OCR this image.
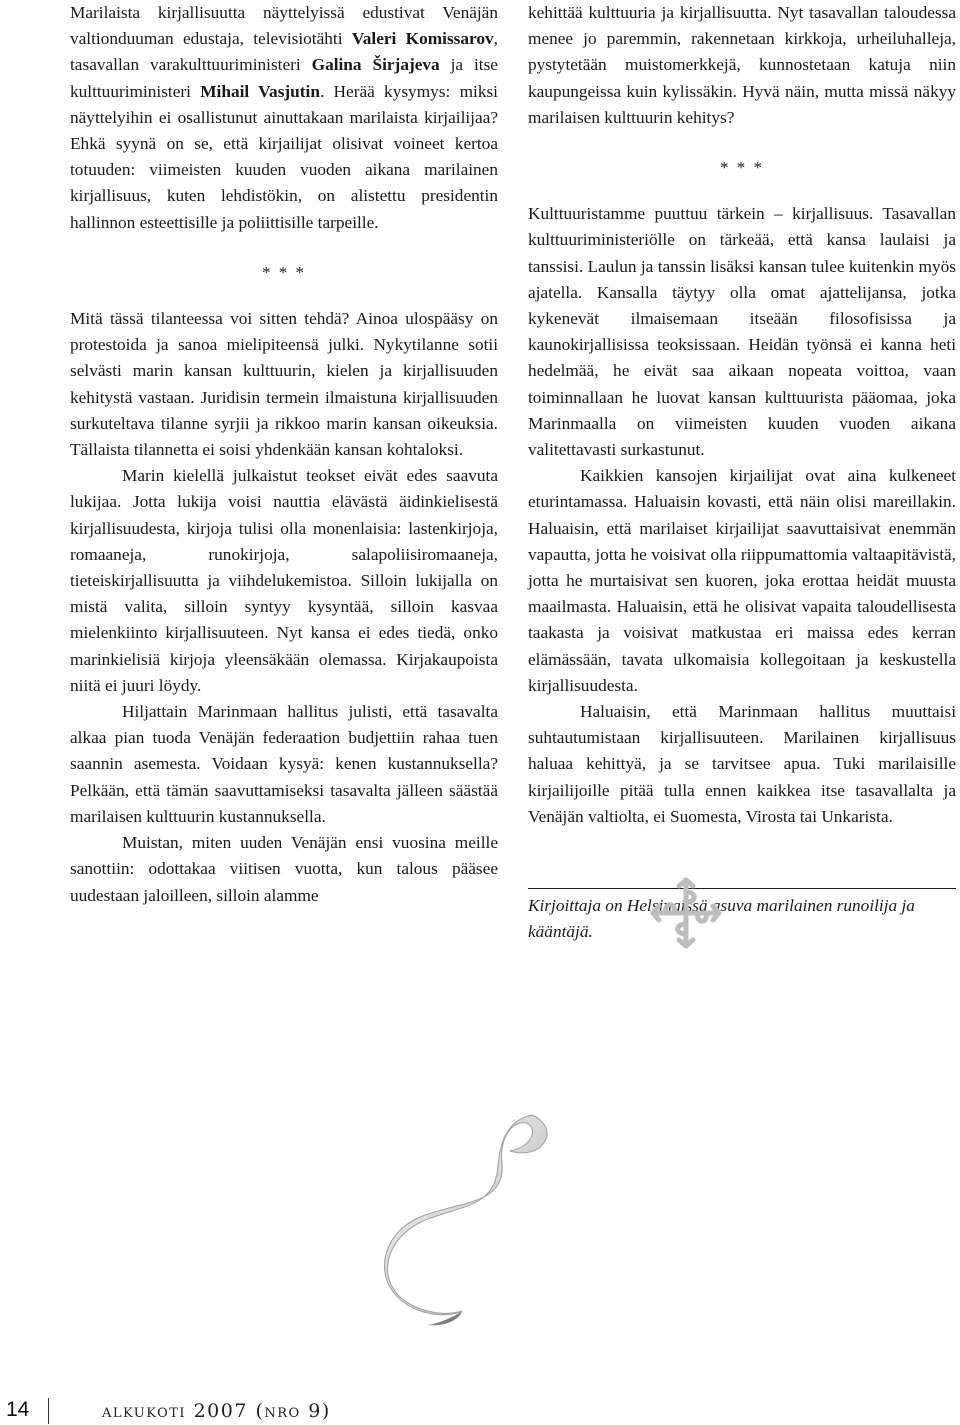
Marilaista kirjallisuutta näyttelyissä edustivat Venäjän valtionduuman edustaja, televisiotähti Valeri Komissarov, tasavallan varakulttuuriministeri Galina Širjajeva ja itse kulttuuriministeri Mihail Vasjutin. Herää kysymys: miksi näyttelyihin ei osallistunut ainuttakaan marilaista kirjailijaa? Ehkä syynä on se, että kirjailijat olisivat voineet kertoa totuuden: viimeisten kuuden vuoden aikana marilainen kirjallisuus, kuten lehdistökin, on alistettu presidentin hallinnon esteettisille ja poliittisille tarpeille.

* * *

Mitä tässä tilanteessa voi sitten tehdä? Ainoa ulospääsy on protestoida ja sanoa mielipiteensä julki. Nykytilanne sotii selvästi marin kansan kulttuurin, kielen ja kirjallisuuden kehitystä vastaan. Juridisin termein ilmaistuna kirjallisuuden surkuteltava tilanne syrjii ja rikkoo marin kansan oikeuksia. Tällaista tilannetta ei soisi yhdenkään kansan kohtaloksi.

Marin kielellä julkaistut teokset eivät edes saavuta lukijaa. Jotta lukija voisi nauttia elävästä äidinkielisestä kirjallisuudesta, kirjoja tulisi olla monenlaisia: lastenkirjoja, romaaneja, runokirjoja, salapoliisiromaaneja, tieteiskirjallisuutta ja viihdelukemistoa. Silloin lukijalla on mistä valita, silloin syntyy kysyntää, silloin kasvaa mielenkiinto kirjallisuuteen. Nyt kansa ei edes tiedä, onko marinkielisiä kirjoja yleensäkään olemassa. Kirjakaupoista niitä ei juuri löydy.

Hiljattain Marinmaan hallitus julisti, että tasavalta alkaa pian tuoda Venäjän federaation budjettiin rahaa tuen saannin asemesta. Voidaan kysyä: kenen kustannuksella? Pelkään, että tämän saavuttamiseksi tasavalta jälleen säästää marilaisen kulttuurin kustannuksella.

Muistan, miten uuden Venäjän ensi vuosina meille sanottiin: odottakaa viitisen vuotta, kun talous pääsee uudestaan jaloilleen, silloin alamme

kehittää kulttuuria ja kirjallisuutta. Nyt tasavallan taloudessa menee jo paremmin, rakennetaan kirkkoja, urheiluhalleja, pystytetään muistomerkkejä, kunnostetaan katuja niin kaupungeissa kuin kylissäkin. Hyvä näin, mutta missä näkyy marilaisen kulttuurin kehitys?

* * *

Kulttuuristamme puuttuu tärkein – kirjallisuus. Tasavallan kulttuuriministeriölle on tärkeää, että kansa laulaisi ja tanssisi. Laulun ja tanssin lisäksi kansan tulee kuitenkin myös ajatella. Kansalla täytyy olla omat ajattelijansa, jotka kykenevät ilmaisemaan itseään filosofisissa ja kaunokirjallisissa teoksissaan. Heidän työnsä ei kanna heti hedelmää, he eivät saa aikaan nopeata voittoa, vaan toiminnallaan he luovat kansan kulttuurista pääomaa, joka Marinmaalla on viimeisten kuuden vuoden aikana valitettavasti surkastunut.

Kaikkien kansojen kirjailijat ovat aina kulkeneet eturintamassa. Haluaisin kovasti, että näin olisi mareillakin. Haluaisin, että marilaiset kirjailijat saavuttaisivat enemmän vapautta, jotta he voisivat olla riippumattomia valtaapitävistä, jotta he murtaisivat sen kuoren, joka erottaa heidät muusta maailmasta. Haluaisin, että he olisivat vapaita taloudellisesta taakasta ja voisivat matkustaa eri maissa edes kerran elämässään, tavata ulkomaisia kollegoitaan ja keskustella kirjallisuudesta.

Haluaisin, että Marinmaan hallitus muuttaisi suhtautumistaan kirjallisuuteen. Marilainen kirjallisuus haluaa kehittyä, ja se tarvitsee apua. Tuki marilaisille kirjailijoille pitää tulla ennen kaikkea itse tasavallalta ja Venäjän valtiolta, ei Suomesta, Virosta tai Unkarista.

Kirjoittaja on Helsingissä asuva marilainen runoilija ja kääntäjä.
14	alkukoti 2007 (nro 9)
